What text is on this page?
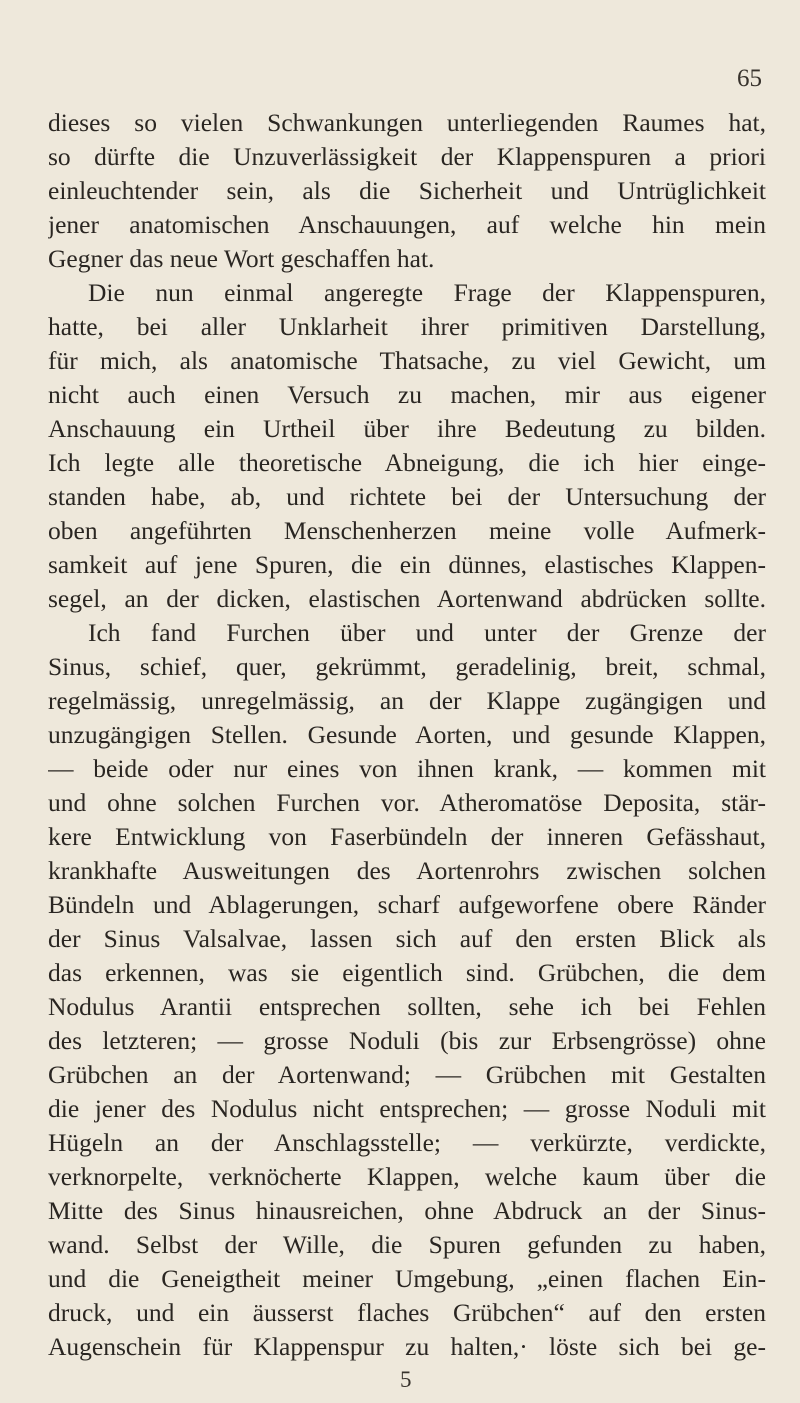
65
dieses so vielen Schwankungen unterliegenden Raumes hat,
so dürfte die Unzuverlässigkeit der Klappenspuren a priori
einleuchtender sein, als die Sicherheit und Untrüglichkeit
jener anatomischen Anschauungen, auf welche hin mein
Gegner das neue Wort geschaffen hat.
Die nun einmal angeregte Frage der Klappenspuren,
hatte, bei aller Unklarheit ihrer primitiven Darstellung,
für mich, als anatomische Thatsache, zu viel Gewicht, um
nicht auch einen Versuch zu machen, mir aus eigener
Anschauung ein Urtheil über ihre Bedeutung zu bilden.
Ich legte alle theoretische Abneigung, die ich hier einge-
standen habe, ab, und richtete bei der Untersuchung der
oben angeführten Menschenherzen meine volle Aufmerk-
samkeit auf jene Spuren, die ein dünnes, elastisches Klappen-
segel, an der dicken, elastischen Aortenwand abdrücken sollte.
Ich fand Furchen über und unter der Grenze der
Sinus, schief, quer, gekrümmt, geradelinig, breit, schmal,
regelmässig, unregelmässig, an der Klappe zugängigen und
unzugängigen Stellen. Gesunde Aorten, und gesunde Klappen,
— beide oder nur eines von ihnen krank, — kommen mit
und ohne solchen Furchen vor. Atheromatöse Deposita, stär-
kere Entwicklung von Faserbündeln der inneren Gefässhaut,
krankhafte Ausweitungen des Aortenrohrs zwischen solchen
Bündeln und Ablagerungen, scharf aufgeworfene obere Ränder
der Sinus Valsalvae, lassen sich auf den ersten Blick als
das erkennen, was sie eigentlich sind. Grübchen, die dem
Nodulus Arantii entsprechen sollten, sehe ich bei Fehlen
des letzteren; — grosse Noduli (bis zur Erbsengrösse) ohne
Grübchen an der Aortenwand; — Grübchen mit Gestalten
die jener des Nodulus nicht entsprechen; — grosse Noduli mit
Hügeln an der Anschlagsstelle; — verkürzte, verdickte,
verknorpelte, verknöcherte Klappen, welche kaum über die
Mitte des Sinus hinausreichen, ohne Abdruck an der Sinus-
wand. Selbst der Wille, die Spuren gefunden zu haben,
und die Geneigtheit meiner Umgebung, „einen flachen Ein-
druck, und ein äusserst flaches Grübchen“ auf den ersten
Augenschein für Klappenspur zu halten,· löste sich bei ge-
5
